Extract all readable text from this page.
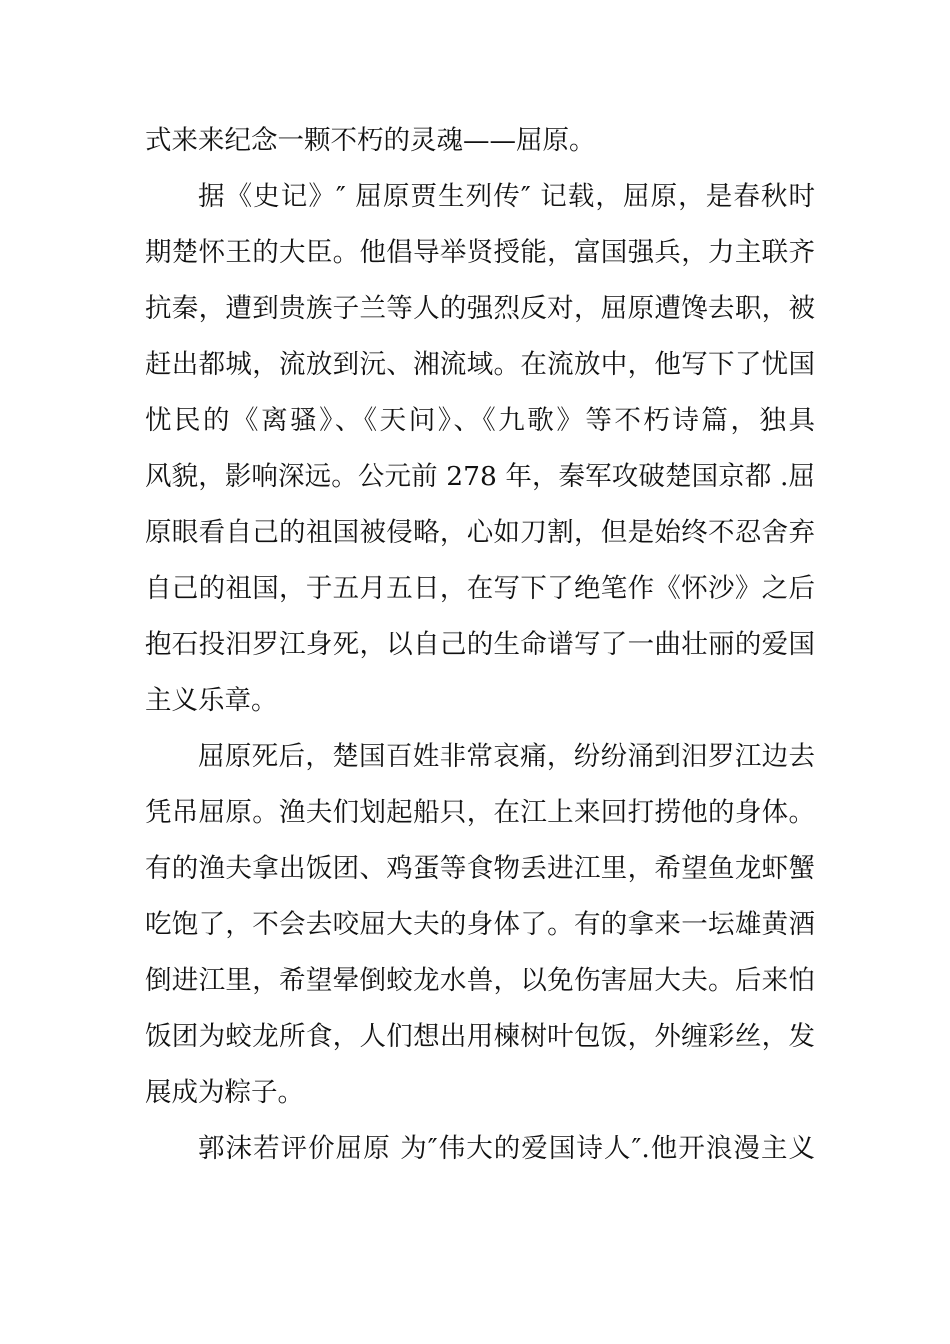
式来来纪念一颗不朽的灵魂——屈原。
据《史记》″ 屈原贾生列传″ 记载，屈原，是春秋时
期楚怀王的大臣。他倡导举贤授能，富国强兵，力主联齐
抗秦，遭到贵族子兰等人的强烈反对，屈原遭馋去职，被
赶出都城，流放到沅、湘流域。在流放中，他写下了忧国
忧民的《离骚》、《天问》、《九歌》等不朽诗篇，独具
风貌，影响深远。公元前 278 年，秦军攻破楚国京都 .屈
原眼看自己的祖国被侵略，心如刀割，但是始终不忍舍弃
自己的祖国，于五月五日，在写下了绝笔作《怀沙》之后
抱石投汨罗江身死，以自己的生命谱写了一曲壮丽的爱国
主义乐章。
屈原死后，楚国百姓非常哀痛，纷纷涌到汨罗江边去
凭吊屈原。渔夫们划起船只，在江上来回打捞他的身体。
有的渔夫拿出饭团、鸡蛋等食物丢进江里，希望鱼龙虾蟹
吃饱了，不会去咬屈大夫的身体了。有的拿来一坛雄黄酒
倒进江里，希望晕倒蛟龙水兽，以免伤害屈大夫。后来怕
饭团为蛟龙所食，人们想出用楝树叶包饭，外缠彩丝，发
展成为粽子。
郭沫若评价屈原 为″伟大的爱国诗人″.他开浪漫主义
